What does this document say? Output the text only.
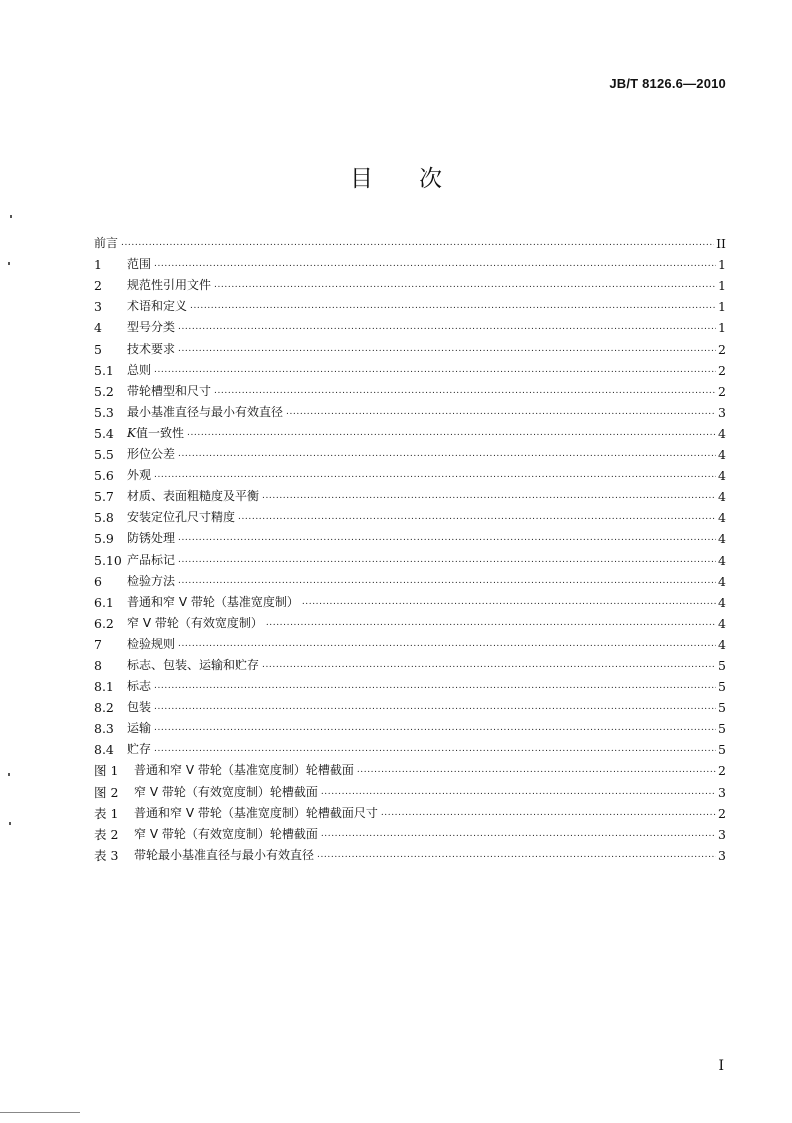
JB/T 8126.6—2010
目 次
前言 .....	II
1	范围 .....	1
2	规范性引用文件 .....	1
3	术语和定义 .....	1
4	型号分类 .....	1
5	技术要求 .....	2
5.1	总则 .....	2
5.2	带轮槽型和尺寸 .....	2
5.3	最小基准直径与最小有效直径 .....	3
5.4	K值一致性 .....	4
5.5	形位公差 .....	4
5.6	外观 .....	4
5.7	材质、表面粗糙度及平衡 .....	4
5.8	安装定位孔尺寸精度 .....	4
5.9	防锈处理 .....	4
5.10 产品标记 .....	4
6	检验方法 .....	4
6.1	普通和窄 V 带轮（基准宽度制） .....	4
6.2	窄 V 带轮（有效宽度制） .....	4
7	检验规则 .....	4
8	标志、包装、运输和贮存 .....	5
8.1	标志 .....	5
8.2	包装 .....	5
8.3	运输 .....	5
8.4	贮存 .....	5
图 1	普通和窄 V 带轮（基准宽度制）轮槽截面 .....	2
图 2	窄 V 带轮（有效宽度制）轮槽截面 .....	3
表 1	普通和窄 V 带轮（基准宽度制）轮槽截面尺寸 .....	2
表 2	窄 V 带轮（有效宽度制）轮槽截面 .....	3
表 3	带轮最小基准直径与最小有效直径 .....	3
I
